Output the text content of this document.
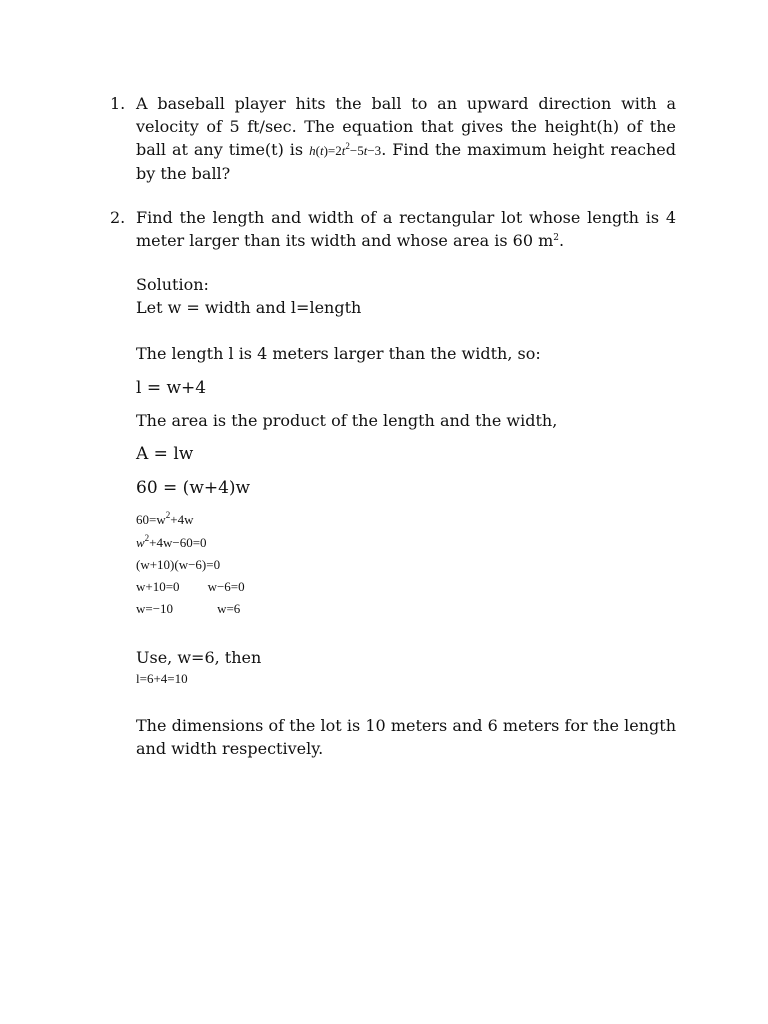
1. A baseball player hits the ball to an upward direction with a velocity of 5 ft/sec. The equation that gives the height(h) of the ball at any time(t) is $h(t)=2t^2-5t-3$. Find the maximum height reached by the ball?
2. Find the length and width of a rectangular lot whose length is 4 meter larger than its width and whose area is 60 $m^2$.
Solution:
Let w = width and l=length
The length l is 4 meters larger than the width, so:
l = w+4
The area is the product of the length and the width,
A = lw
60 = (w+4)w
$60=w^2+4w$
$w^2+4w-60=0$
(w+10)(w−6)=0
w+10=0 w−6=0
w=−10	w=6
Use, w=6, then
l=6+4=10
The dimensions of the lot is 10 meters and 6 meters for the length and width respectively.
